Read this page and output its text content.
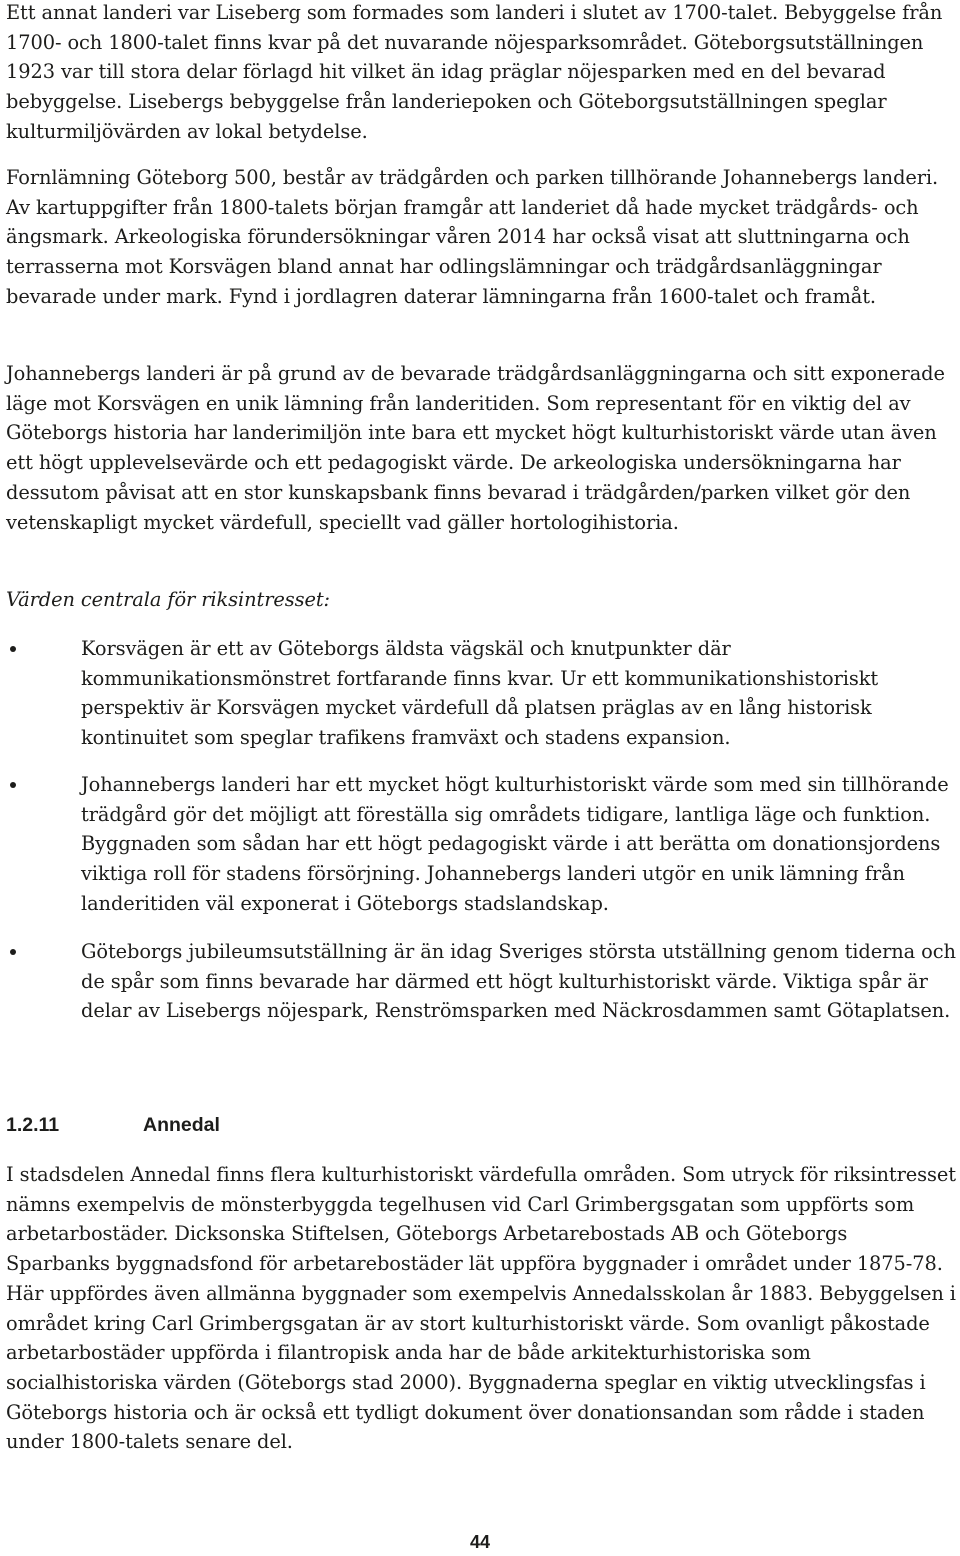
Ett annat landeri var Liseberg som formades som landeri i slutet av 1700-talet. Bebyggelse från 1700- och 1800-talet finns kvar på det nuvarande nöjesparksområdet. Göteborgsutställningen 1923 var till stora delar förlagd hit vilket än idag präglar nöjesparken med en del bevarad bebyggelse. Lisebergs bebyggelse från landeriepoken och Göteborgsutställningen speglar kulturmiljövärden av lokal betydelse.

Fornlämning Göteborg 500, består av trädgården och parken tillhörande Johannebergs landeri. Av kartuppgifter från 1800-talets början framgår att landeriet då hade mycket trädgårds- och ängsmark. Arkeologiska förundersökningar våren 2014 har också visat att sluttningarna och terrasserna mot Korsvägen bland annat har odlingslämningar och trädgårdsanläggningar bevarade under mark. Fynd i jordlagren daterar lämningarna från 1600-talet och framåt.

Johannebergs landeri är på grund av de bevarade trädgårdsanläggningarna och sitt exponerade läge mot Korsvägen en unik lämning från landeritiden. Som representant för en viktig del av Göteborgs historia har landerimiljön inte bara ett mycket högt kulturhistoriskt värde utan även ett högt upplevelsevärde och ett pedagogiskt värde. De arkeologiska undersökningarna har dessutom påvisat att en stor kunskapsbank finns bevarad i trädgården/parken vilket gör den vetenskapligt mycket värdefull, speciellt vad gäller hortologihistoria.

Värden centrala för riksintresset:

Korsvägen är ett av Göteborgs äldsta vägskäl och knutpunkter där kommunikationsmönstret fortfarande finns kvar. Ur ett kommunikationshistoriskt perspektiv är Korsvägen mycket värdefull då platsen präglas av en lång historisk kontinuitet som speglar trafikens framväxt och stadens expansion.

Johannebergs landeri har ett mycket högt kulturhistoriskt värde som med sin tillhörande trädgård gör det möjligt att föreställa sig områdets tidigare, lantliga läge och funktion. Byggnaden som sådan har ett högt pedagogiskt värde i att berätta om donationsjordens viktiga roll för stadens försörjning. Johannebergs landeri utgör en unik lämning från landeritiden väl exponerat i Göteborgs stadslandskap.

Göteborgs jubileumsutställning är än idag Sveriges största utställning genom tiderna och de spår som finns bevarade har därmed ett högt kulturhistoriskt värde. Viktiga spår är delar av Lisebergs nöjespark, Renströmsparken med Näckrosdammen samt Götaplatsen.

1.2.11	Annedal

I stadsdelen Annedal finns flera kulturhistoriskt värdefulla områden. Som utryck för riksintresset nämns exempelvis de mönsterbyggda tegelhusen vid Carl Grimbergsgatan som uppförts som arbetarbostäder. Dicksonska Stiftelsen, Göteborgs Arbetarebostads AB och Göteborgs Sparbanks byggnadsfond för arbetarebostäder lät uppföra byggnader i området under 1875-78. Här uppfördes även allmänna byggnader som exempelvis Annedalsskolan år 1883. Bebyggelsen i området kring Carl Grimbergsgatan är av stort kulturhistoriskt värde. Som ovanligt påkostade arbetarbostäder uppförda i filantropisk anda har de både arkitekturhistoriska som socialhistoriska värden (Göteborgs stad 2000). Byggnaderna speglar en viktig utvecklingsfas i Göteborgs historia och är också ett tydligt dokument över donationsandan som rådde i staden under 1800-talets senare del.

44
